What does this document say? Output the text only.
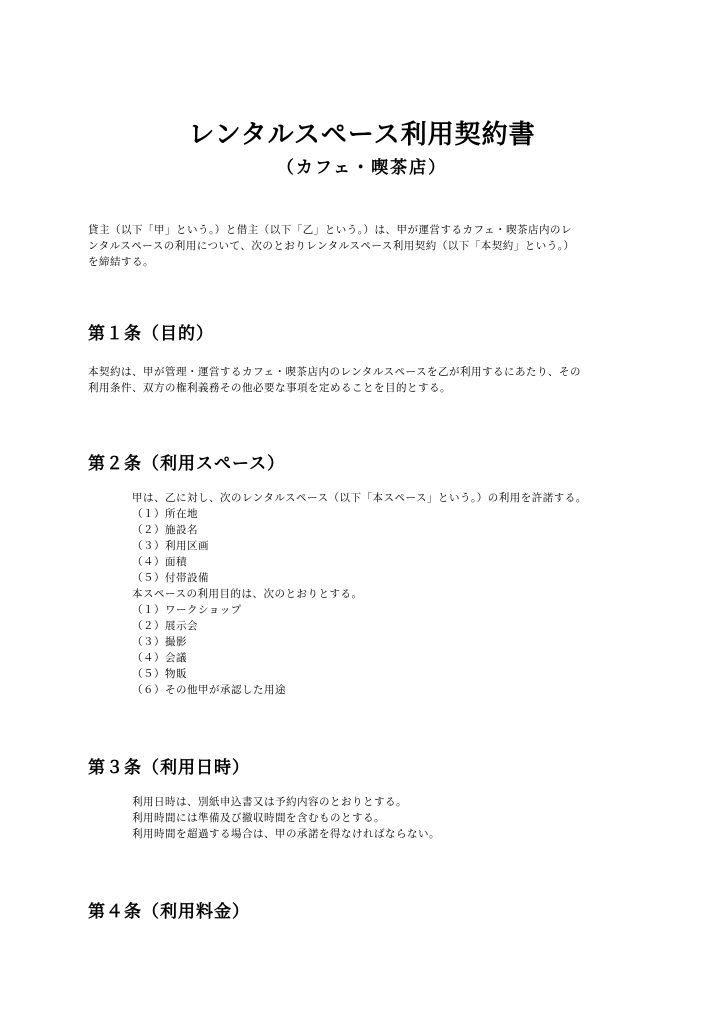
レンタルスペース利用契約書
（カフェ・喫茶店）
貸主（以下「甲」という。）と借主（以下「乙」という。）は、甲が運営するカフェ・喫茶店内のレ
ンタルスペースの利用について、次のとおりレンタルスペース利用契約（以下「本契約」という。）
を締結する。
第１条（目的）
本契約は、甲が管理・運営するカフェ・喫茶店内のレンタルスペースを乙が利用するにあたり、その
利用条件、双方の権利義務その他必要な事項を定めることを目的とする。
第２条（利用スペース）
甲は、乙に対し、次のレンタルスペース（以下「本スペース」という。）の利用を許諾する。
（１）所在地
（２）施設名
（３）利用区画
（４）面積
（５）付帯設備
本スペースの利用目的は、次のとおりとする。
（１）ワークショップ
（２）展示会
（３）撮影
（４）会議
（５）物販
（６）その他甲が承認した用途
第３条（利用日時）
利用日時は、別紙申込書又は予約内容のとおりとする。
利用時間には準備及び撤収時間を含むものとする。
利用時間を超過する場合は、甲の承諾を得なければならない。
第４条（利用料金）
